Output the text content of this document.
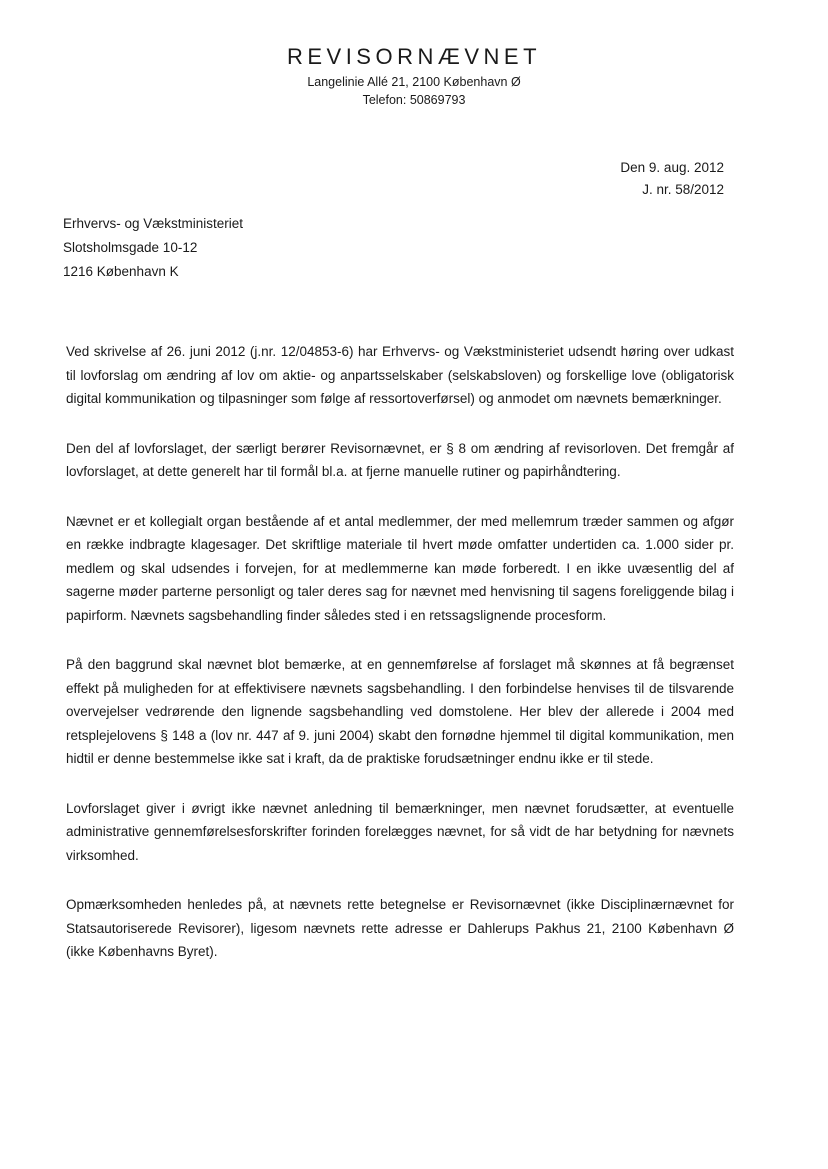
REVISORNÆVNET
Langelinie Allé 21, 2100 København Ø
Telefon: 50869793
Den 9. aug. 2012
J. nr. 58/2012
Erhvervs- og Vækstministeriet
Slotsholmsgade 10-12
1216 København K

Ved skrivelse af 26. juni 2012 (j.nr. 12/04853-6) har Erhvervs- og Vækstministeriet udsendt høring over udkast til lovforslag om ændring af lov om aktie- og anpartsselskaber (selskabsloven) og forskellige love (obligatorisk digital kommunikation og tilpasninger som følge af ressortoverførsel) og anmodet om nævnets bemærkninger.

Den del af lovforslaget, der særligt berører Revisornævnet, er § 8 om ændring af revisorloven. Det fremgår af lovforslaget, at dette generelt har til formål bl.a. at fjerne manuelle rutiner og papirhåndtering.

Nævnet er et kollegialt organ bestående af et antal medlemmer, der med mellemrum træder sammen og afgør en række indbragte klagesager. Det skriftlige materiale til hvert møde omfatter undertiden ca. 1.000 sider pr. medlem og skal udsendes i forvejen, for at medlemmerne kan møde forberedt. I en ikke uvæsentlig del af sagerne møder parterne personligt og taler deres sag for nævnet med henvisning til sagens foreliggende bilag i papirform. Nævnets sagsbehandling finder således sted i en retssagslignende procesform.

På den baggrund skal nævnet blot bemærke, at en gennemførelse af forslaget må skønnes at få begrænset effekt på muligheden for at effektivisere nævnets sagsbehandling. I den forbindelse henvises til de tilsvarende overvejelser vedrørende den lignende sagsbehandling ved domstolene. Her blev der allerede i 2004 med retsplejelovens § 148 a (lov nr. 447 af 9. juni 2004) skabt den fornødne hjemmel til digital kommunikation, men hidtil er denne bestemmelse ikke sat i kraft, da de praktiske forudsætninger endnu ikke er til stede.

Lovforslaget giver i øvrigt ikke nævnet anledning til bemærkninger, men nævnet forudsætter, at eventuelle administrative gennemførelsesforskrifter forinden forelægges nævnet, for så vidt de har betydning for nævnets virksomhed.

Opmærksomheden henledes på, at nævnets rette betegnelse er Revisornævnet (ikke Disciplinærnævnet for Statsautoriserede Revisorer), ligesom nævnets rette adresse er Dahlerups Pakhus 21, 2100 København Ø (ikke Københavns Byret).
